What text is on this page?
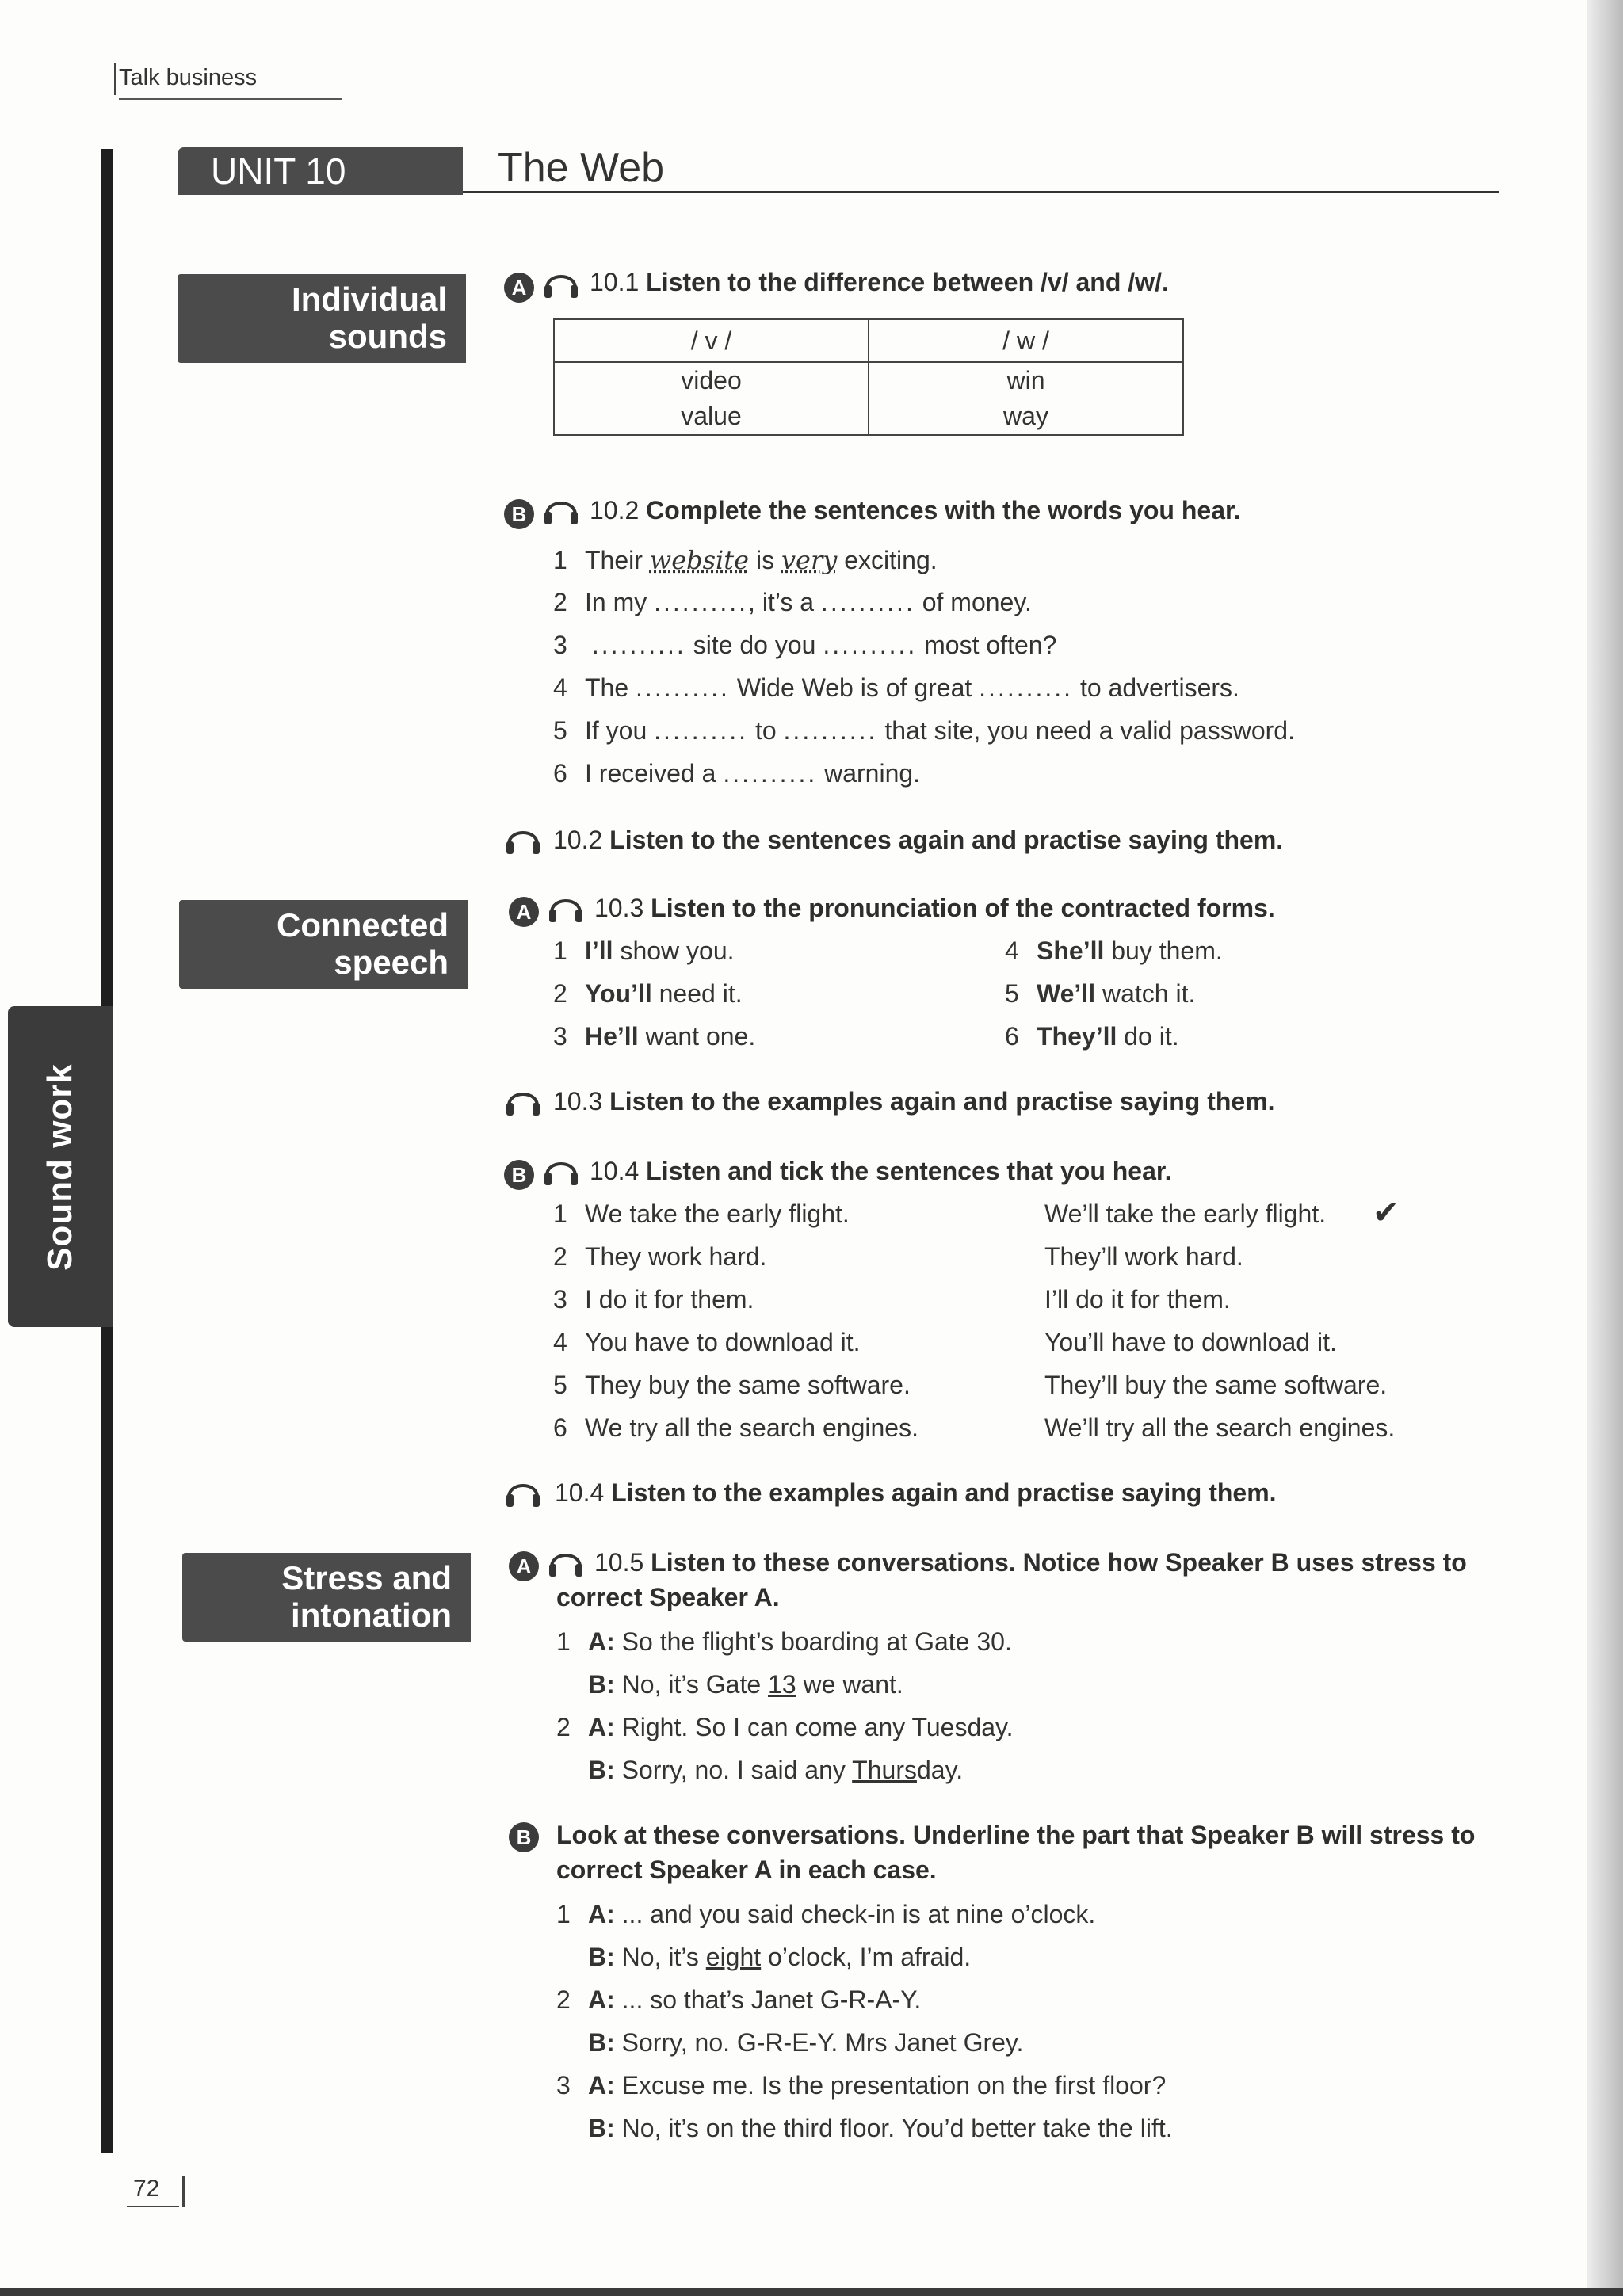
Talk business
Sound work
UNIT 10	The Web
Individual
sounds
Connected
speech
Stress and
intonation
A	10.1 Listen to the difference between /v/ and /w/.
/ v /	/ w /
video	win
value	way
B	10.2 Complete the sentences with the words you hear.
1 Their website is very exciting.
2 In my .........., it’s a .......... of money.
3 .......... site do you .......... most often?
4 The .......... Wide Web is of great .......... to advertisers.
5 If you .......... to .......... that site, you need a valid password.
6 I received a .......... warning.
10.2 Listen to the sentences again and practise saying them.
A	10.3 Listen to the pronunciation of the contracted forms.
1 I’ll show you.
2 You’ll need it.
3 He’ll want one.
4 She’ll buy them.
5 We’ll watch it.
6 They’ll do it.
10.3 Listen to the examples again and practise saying them.
B	10.4 Listen and tick the sentences that you hear.
1 We take the early flight.	We’ll take the early flight. ✔
2 They work hard.	They’ll work hard.
3 I do it for them.	I’ll do it for them.
4 You have to download it.	You’ll have to download it.
5 They buy the same software.	They’ll buy the same software.
6 We try all the search engines.	We’ll try all the search engines.
10.4 Listen to the examples again and practise saying them.
A	10.5 Listen to these conversations. Notice how Speaker B uses stress to
correct Speaker A.
1 A: So the flight’s boarding at Gate 30.
B: No, it’s Gate 13 we want.
2 A: Right. So I can come any Tuesday.
B: Sorry, no. I said any Thursday.
B Look at these conversations. Underline the part that Speaker B will stress to
correct Speaker A in each case.
1 A: ... and you said check-in is at nine o’clock.
B: No, it’s eight o’clock, I’m afraid.
2 A: ... so that’s Janet G-R-A-Y.
B: Sorry, no. G-R-E-Y. Mrs Janet Grey.
3 A: Excuse me. Is the presentation on the first floor?
B: No, it’s on the third floor. You’d better take the lift.
72
